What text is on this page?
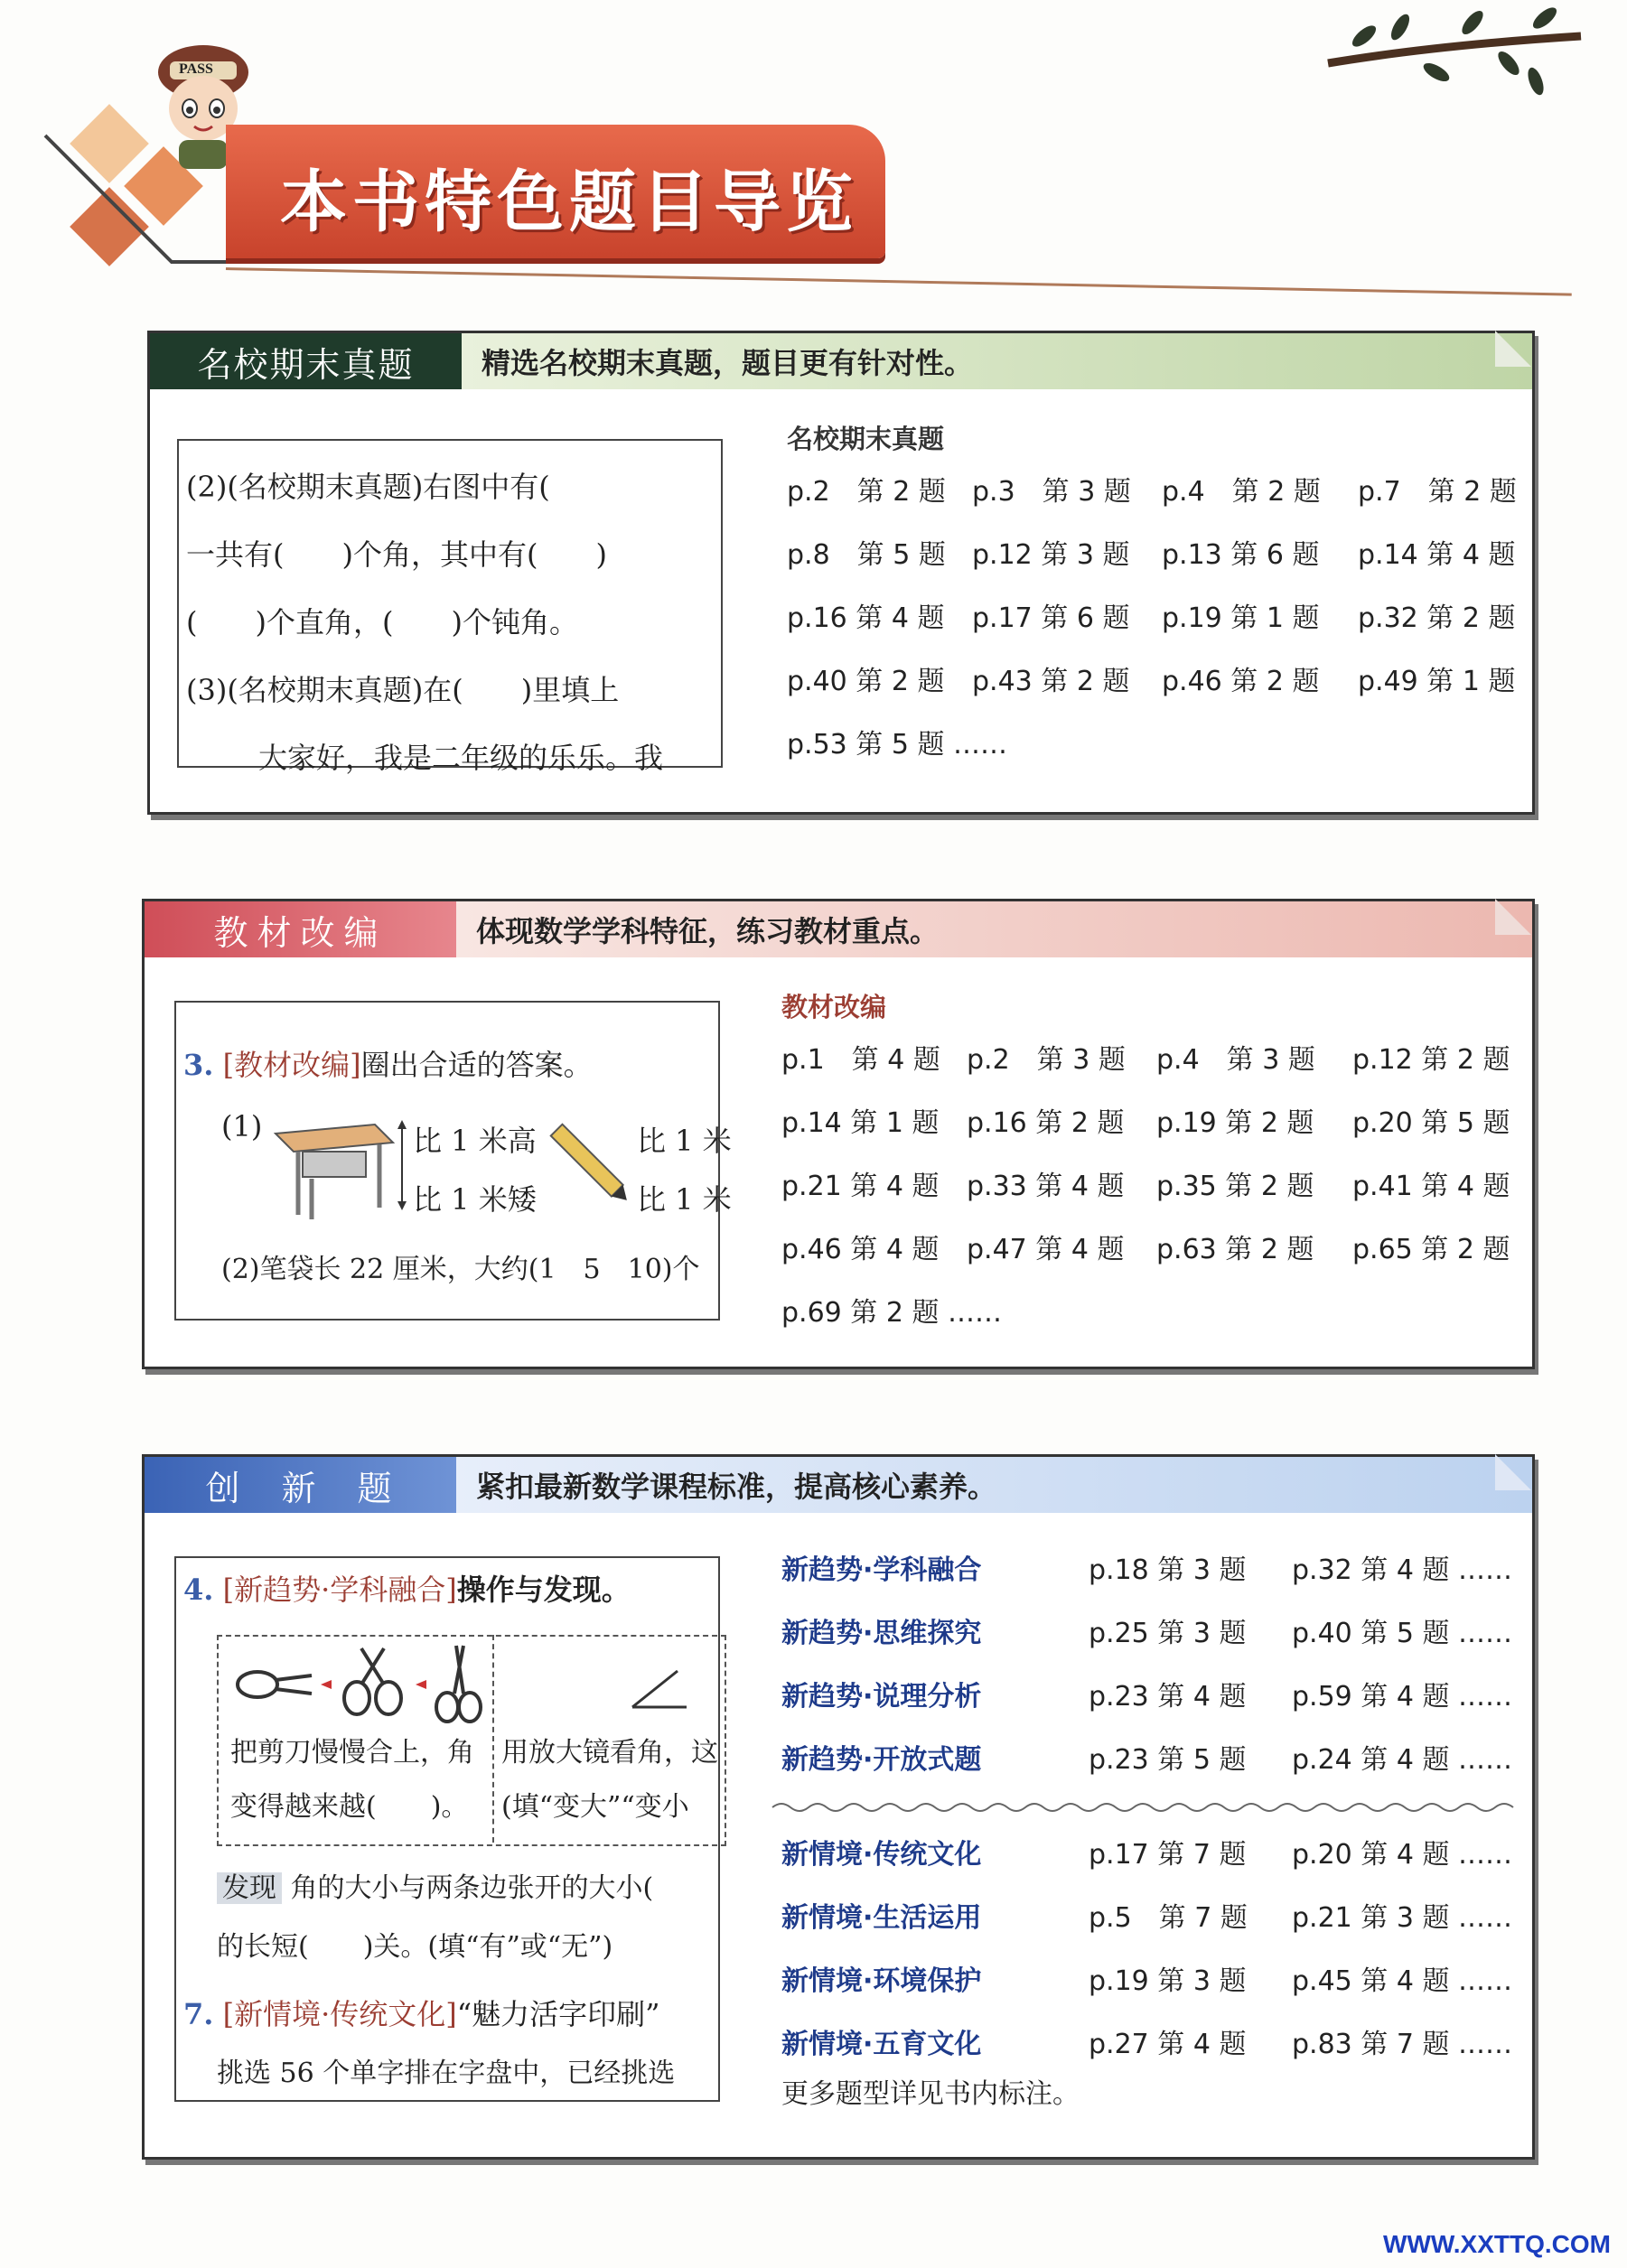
PASS
本书特色题目导览
名校期末真题	精选名校期末真题，题目更有针对性。
(2)(名校期末真题)右图中有(
一共有(　　)个角，其中有(　　)
(　　)个直角，(　　)个钝角。
(3)(名校期末真题)在(　　)里填上
大家好，我是二年级的乐乐。我
名校期末真题
p.2　第 2 题 p.3　第 3 题 p.4　第 2 题 p.7　第 2 题
p.8　第 5 题 p.12 第 3 题 p.13 第 6 题 p.14 第 4 题
p.16 第 4 题 p.17 第 6 题 p.19 第 1 题 p.32 第 2 题
p.40 第 2 题 p.43 第 2 题 p.46 第 2 题 p.49 第 1 题
p.53 第 5 题 ……
教材改编	体现数学学科特征，练习教材重点。
3. [教材改编]圈出合适的答案。
(1)	比 1 米高
比 1 米矮
比 1 米
比 1 米
(2)笔袋长 22 厘米，大约(1　5　10)个
教材改编
p.1　第 4 题 p.2　第 3 题 p.4　第 3 题 p.12 第 2 题
p.14 第 1 题 p.16 第 2 题 p.19 第 2 题 p.20 第 5 题
p.21 第 4 题 p.33 第 4 题 p.35 第 2 题 p.41 第 4 题
p.46 第 4 题 p.47 第 4 题 p.63 第 2 题 p.65 第 2 题
p.69 第 2 题 ……
创　新　题	紧扣最新数学课程标准，提高核心素养。
4. [新趋势·学科融合]操作与发现。
把剪刀慢慢合上，角
变得越来越(　　)。
用放大镜看角，这
(填“变大”“变小
发现 角的大小与两条边张开的大小(
的长短(　　)关。(填“有”或“无”)
7. [新情境·传统文化]“魅力活字印刷”
挑选 56 个单字排在字盘中，已经挑选
新趋势·学科融合	p.18 第 3 题 p.32 第 4 题 ……
新趋势·思维探究	p.25 第 3 题 p.40 第 5 题 ……
新趋势·说理分析	p.23 第 4 题 p.59 第 4 题 ……
新趋势·开放式题	p.23 第 5 题 p.24 第 4 题 ……
新情境·传统文化	p.17 第 7 题 p.20 第 4 题 ……
新情境·生活运用	p.5　第 7 题 p.21 第 3 题 ……
新情境·环境保护	p.19 第 3 题 p.45 第 4 题 ……
新情境·五育文化	p.27 第 4 题 p.83 第 7 题 ……
更多题型详见书内标注。
WWW.XXTTQ.COM
